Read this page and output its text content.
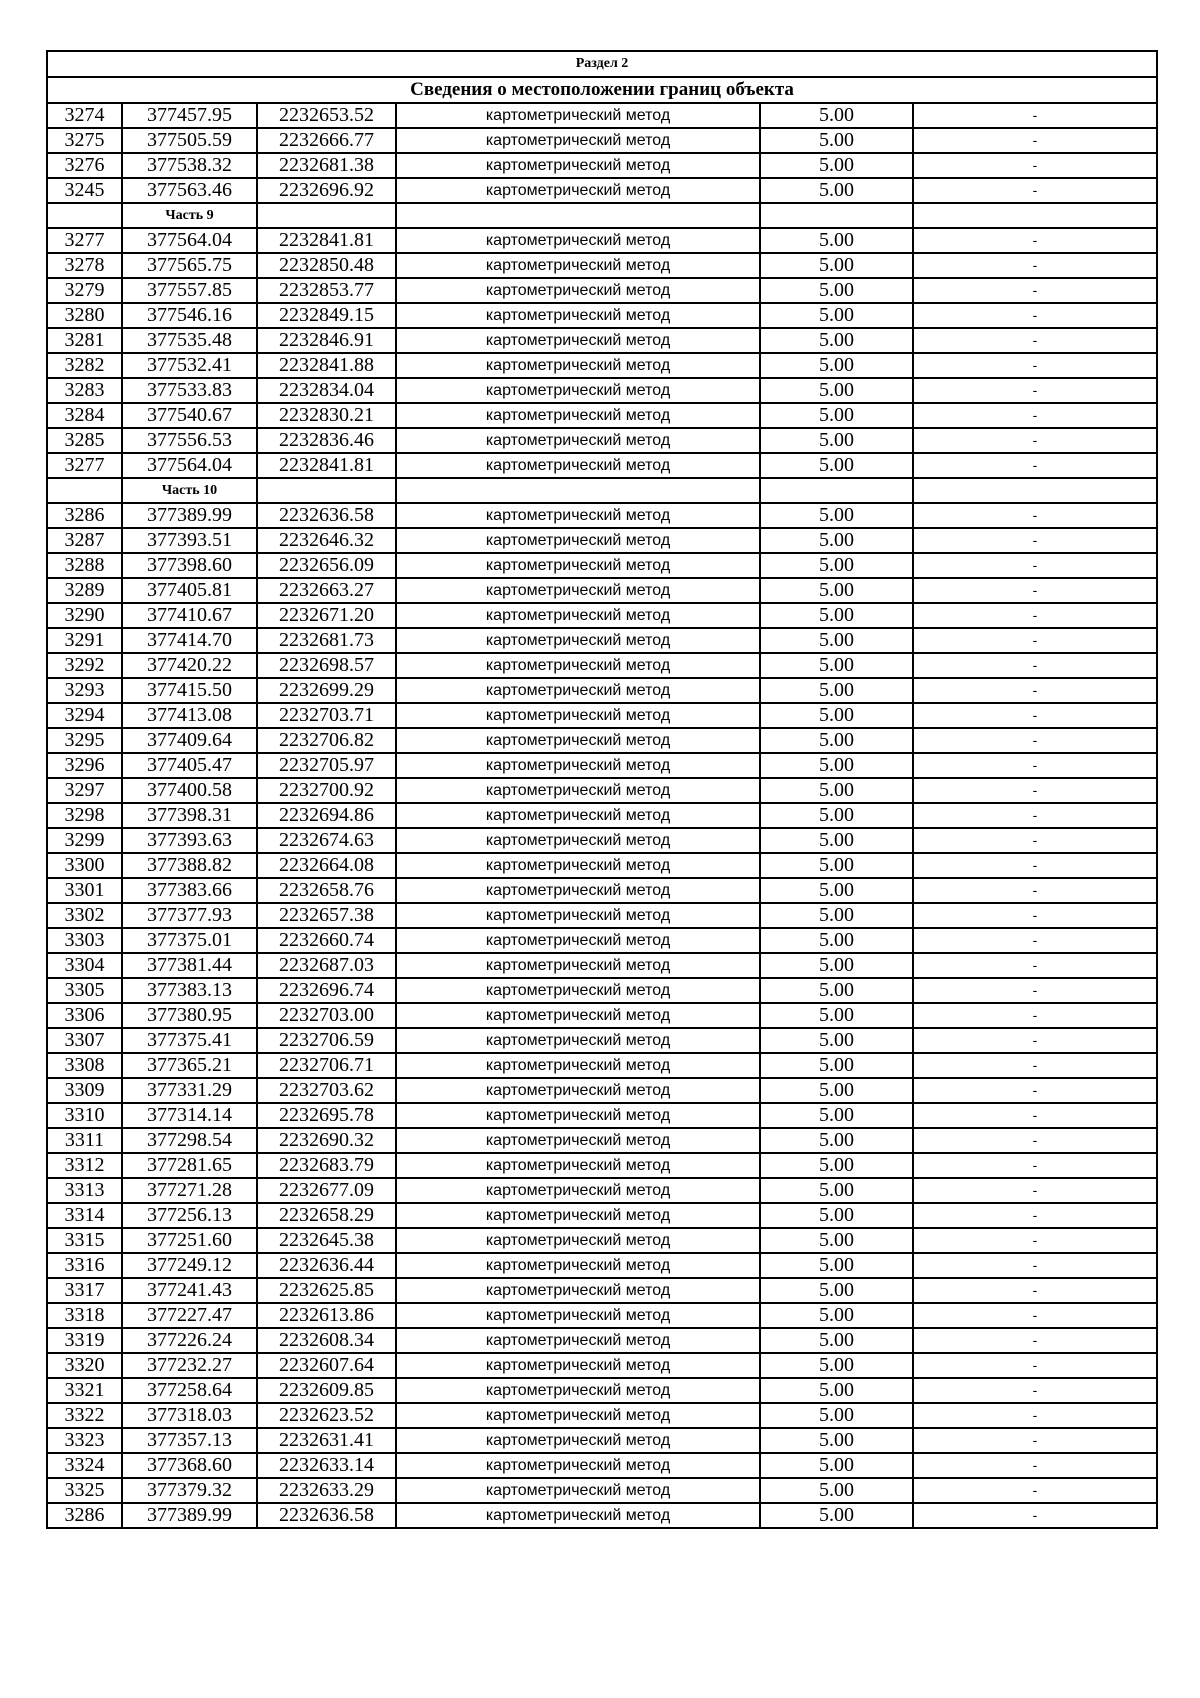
Раздел 2					
Сведения о местоположении границ объекта					
3274	377457.95	2232653.52	картометрический метод	5.00	-
3275	377505.59	2232666.77	картометрический метод	5.00	-
3276	377538.32	2232681.38	картометрический метод	5.00	-
3245	377563.46	2232696.92	картометрический метод	5.00	-
	Часть 9				
3277	377564.04	2232841.81	картометрический метод	5.00	-
3278	377565.75	2232850.48	картометрический метод	5.00	-
3279	377557.85	2232853.77	картометрический метод	5.00	-
3280	377546.16	2232849.15	картометрический метод	5.00	-
3281	377535.48	2232846.91	картометрический метод	5.00	-
3282	377532.41	2232841.88	картометрический метод	5.00	-
3283	377533.83	2232834.04	картометрический метод	5.00	-
3284	377540.67	2232830.21	картометрический метод	5.00	-
3285	377556.53	2232836.46	картометрический метод	5.00	-
3277	377564.04	2232841.81	картометрический метод	5.00	-
	Часть 10				
3286	377389.99	2232636.58	картометрический метод	5.00	-
3287	377393.51	2232646.32	картометрический метод	5.00	-
3288	377398.60	2232656.09	картометрический метод	5.00	-
3289	377405.81	2232663.27	картометрический метод	5.00	-
3290	377410.67	2232671.20	картометрический метод	5.00	-
3291	377414.70	2232681.73	картометрический метод	5.00	-
3292	377420.22	2232698.57	картометрический метод	5.00	-
3293	377415.50	2232699.29	картометрический метод	5.00	-
3294	377413.08	2232703.71	картометрический метод	5.00	-
3295	377409.64	2232706.82	картометрический метод	5.00	-
3296	377405.47	2232705.97	картометрический метод	5.00	-
3297	377400.58	2232700.92	картометрический метод	5.00	-
3298	377398.31	2232694.86	картометрический метод	5.00	-
3299	377393.63	2232674.63	картометрический метод	5.00	-
3300	377388.82	2232664.08	картометрический метод	5.00	-
3301	377383.66	2232658.76	картометрический метод	5.00	-
3302	377377.93	2232657.38	картометрический метод	5.00	-
3303	377375.01	2232660.74	картометрический метод	5.00	-
3304	377381.44	2232687.03	картометрический метод	5.00	-
3305	377383.13	2232696.74	картометрический метод	5.00	-
3306	377380.95	2232703.00	картометрический метод	5.00	-
3307	377375.41	2232706.59	картометрический метод	5.00	-
3308	377365.21	2232706.71	картометрический метод	5.00	-
3309	377331.29	2232703.62	картометрический метод	5.00	-
3310	377314.14	2232695.78	картометрический метод	5.00	-
3311	377298.54	2232690.32	картометрический метод	5.00	-
3312	377281.65	2232683.79	картометрический метод	5.00	-
3313	377271.28	2232677.09	картометрический метод	5.00	-
3314	377256.13	2232658.29	картометрический метод	5.00	-
3315	377251.60	2232645.38	картометрический метод	5.00	-
3316	377249.12	2232636.44	картометрический метод	5.00	-
3317	377241.43	2232625.85	картометрический метод	5.00	-
3318	377227.47	2232613.86	картометрический метод	5.00	-
3319	377226.24	2232608.34	картометрический метод	5.00	-
3320	377232.27	2232607.64	картометрический метод	5.00	-
3321	377258.64	2232609.85	картометрический метод	5.00	-
3322	377318.03	2232623.52	картометрический метод	5.00	-
3323	377357.13	2232631.41	картометрический метод	5.00	-
3324	377368.60	2232633.14	картометрический метод	5.00	-
3325	377379.32	2232633.29	картометрический метод	5.00	-
3286	377389.99	2232636.58	картометрический метод	5.00	-
